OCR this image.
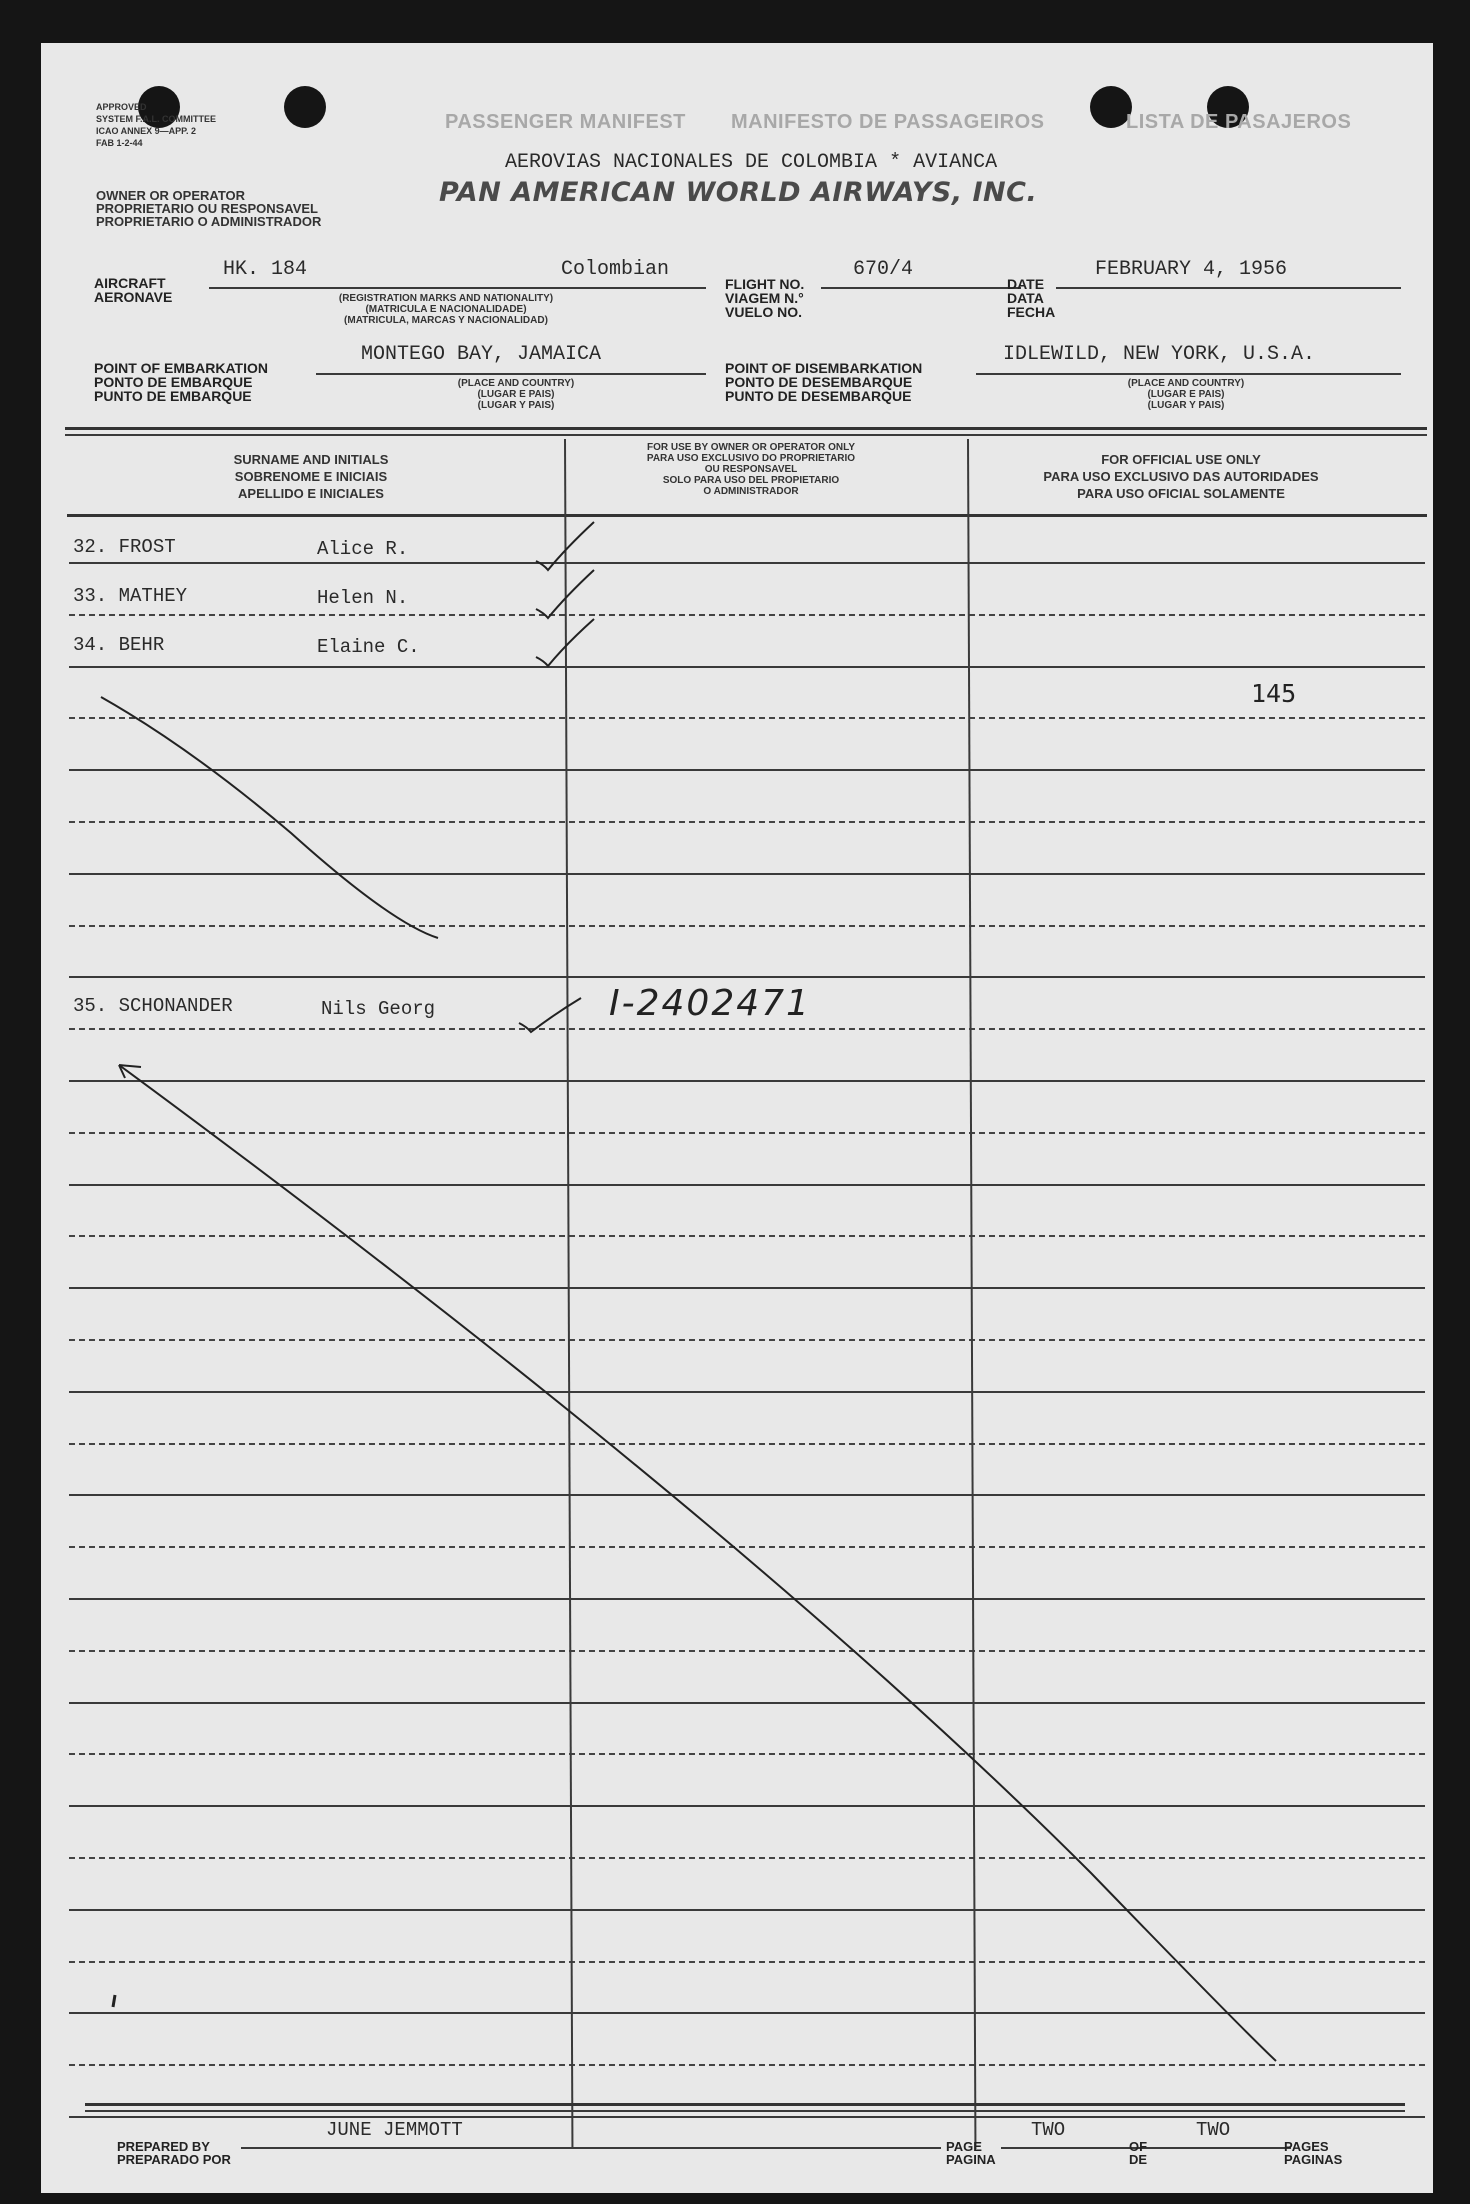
APPROVED
SYSTEM F.A.L. COMMITTEE
ICAO ANNEX 9—APP. 2
FAB 1-2-44
OWNER OR OPERATOR
PROPRIETARIO OU RESPONSAVEL
PROPRIETARIO O ADMINISTRADOR
PASSENGER MANIFEST MANIFESTO DE PASSAGEIROS	LISTA DE PASAJEROS
AEROVIAS NACIONALES DE COLOMBIA * AVIANCA
PAN AMERICAN WORLD AIRWAYS, INC.
AIRCRAFT
AERONAVE
HK. 184	Colombian
(REGISTRATION MARKS AND NATIONALITY)
(MATRICULA E NACIONALIDADE)
(MATRICULA, MARCAS Y NACIONALIDAD)
FLIGHT NO.
VIAGEM N.°
VUELO NO.
670/4
DATE
DATA
FECHA
FEBRUARY 4, 1956
POINT OF EMBARKATION
PONTO DE EMBARQUE
PUNTO DE EMBARQUE
MONTEGO BAY, JAMAICA
(PLACE AND COUNTRY)
(LUGAR E PAIS)
(LUGAR Y PAIS)
POINT OF DISEMBARKATION
PONTO DE DESEMBARQUE
PUNTO DE DESEMBARQUE
IDLEWILD, NEW YORK, U.S.A.
(PLACE AND COUNTRY)
(LUGAR E PAIS)
(LUGAR Y PAIS)
SURNAME AND INITIALS
SOBRENOME E INICIAIS
APELLIDO E INICIALES
FOR USE BY OWNER OR OPERATOR ONLY
PARA USO EXCLUSIVO DO PROPRIETARIO
OU RESPONSAVEL
SOLO PARA USO DEL PROPIETARIO
O ADMINISTRADOR
FOR OFFICIAL USE ONLY
PARA USO EXCLUSIVO DAS AUTORIDADES
PARA USO OFICIAL SOLAMENTE
32. FROST	Alice R.
33. MATHEY	Helen N.
34. BEHR	Elaine C.
145
35. SCHONANDER	Nils Georg	I-2402471
PREPARED BY
PREPARADO POR
JUNE JEMMOTT
PAGE
PAGINA
TWO
OF
DE
TWO
PAGES
PAGINAS
